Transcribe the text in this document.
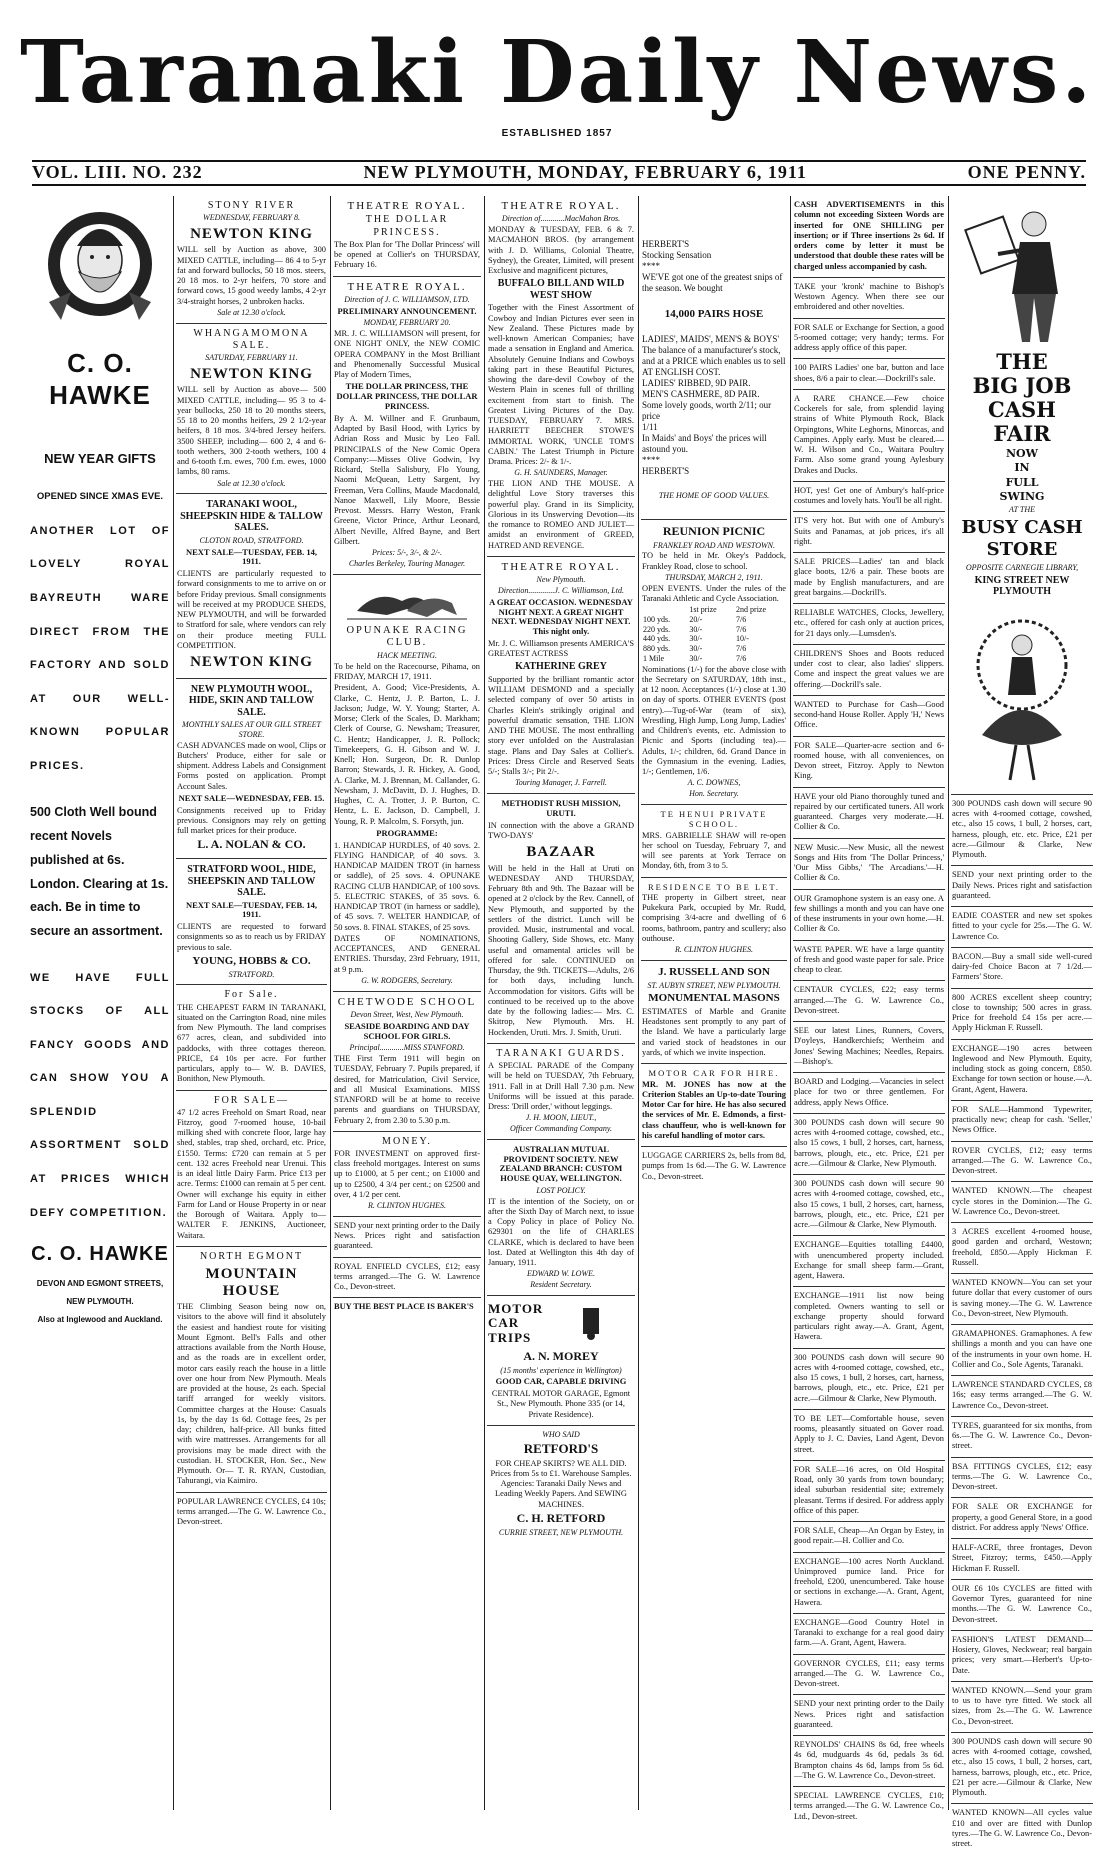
Taranaki Daily News.
ESTABLISHED 1857
VOL. LIII. NO. 232	NEW PLYMOUTH, MONDAY, FEBRUARY 6, 1911	ONE PENNY.
C. O. HAWKE
NEW YEAR GIFTS
OPENED SINCE XMAS EVE.
ANOTHER LOT OF LOVELY ROYAL BAYREUTH WARE DIRECT FROM THE FACTORY AND SOLD AT OUR WELL-KNOWN POPULAR PRICES.
500 Cloth Well bound recent Novels published at 6s. London. Clearing at 1s. each. Be in time to secure an assortment.
WE HAVE FULL STOCKS OF ALL FANCY GOODS AND CAN SHOW YOU A SPLENDID ASSORTMENT SOLD AT PRICES WHICH DEFY COMPETITION.
C. O. HAWKE
DEVON AND EGMONT STREETS,
NEW PLYMOUTH.
Also at Inglewood and Auckland.
STONY RIVER
WEDNESDAY, FEBRUARY 8.
NEWTON KING
WILL sell by Auction as above, 300 MIXED CATTLE, including— 86 4 to 5-yr fat and forward bullocks, 50 18 mos. steers, 20 18 mos. to 2-yr heifers, 70 store and forward cows, 15 good weedy lambs, 4 2-yr 3/4-straight horses, 2 unbroken hacks.
Sale at 12.30 o'clock.
WHANGAMOMONA SALE.
SATURDAY, FEBRUARY 11.
NEWTON KING
WILL sell by Auction as above— 500 MIXED CATTLE, including— 95 3 to 4-year bullocks, 250 18 to 20 months steers, 55 18 to 20 months heifers, 29 2 1/2-year heifers, 8 18 mos. 3/4-bred Jersey heifers. 3500 SHEEP, including— 600 2, 4 and 6-tooth wethers, 300 2-tooth wethers, 100 4 and 6-tooth f.m. ewes, 700 f.m. ewes, 1000 lambs, 80 rams.
Sale at 12.30 o'clock.
TARANAKI WOOL, SHEEPSKIN HIDE & TALLOW SALES.
CLOTON ROAD, STRATFORD.
NEXT SALE—TUESDAY, FEB. 14, 1911.
CLIENTS are particularly requested to forward consignments to me to arrive on or before Friday previous. Small consignments will be received at my PRODUCE SHEDS, NEW PLYMOUTH, and will be forwarded to Stratford for sale, where vendors can rely on their produce meeting FULL COMPETITION.
NEWTON KING
NEW PLYMOUTH WOOL, HIDE, SKIN AND TALLOW SALE.
MONTHLY SALES AT OUR GILL STREET STORE.
CASH ADVANCES made on wool, Clips or Butchers' Produce, either for sale or shipment. Address Labels and Consignment Forms posted on application. Prompt Account Sales.
NEXT SALE—WEDNESDAY, FEB. 15.
Consignments received up to Friday previous. Consignors may rely on getting full market prices for their produce.
L. A. NOLAN & CO.
STRATFORD WOOL, HIDE, SHEEPSKIN AND TALLOW SALE.
NEXT SALE—TUESDAY, FEB. 14, 1911.
CLIENTS are requested to forward consignments so as to reach us by FRIDAY previous to sale.
YOUNG, HOBBS & CO.
STRATFORD.
For Sale.
THE CHEAPEST FARM IN TARANAKI, situated on the Carrington Road, nine miles from New Plymouth. The land comprises 677 acres, clean, and subdivided into paddocks, with three cottages thereon. PRICE, £4 10s per acre. For further particulars, apply to— W. B. DAVIES, Bonithon, New Plymouth.
FOR SALE—
47 1/2 acres Freehold on Smart Road, near Fitzroy, good 7-roomed house, 10-bail milking shed with concrete floor, large hay shed, stables, trap shed, orchard, etc. Price, £1550. Terms: £720 can remain at 5 per cent. 132 acres Freehold near Urenui. This is an ideal little Dairy Farm. Price £13 per acre. Terms: £1000 can remain at 5 per cent. Owner will exchange his equity in either Farm for Land or House Property in or near the Borough of Waitara. Apply to— WALTER F. JENKINS, Auctioneer, Waitara.
NORTH EGMONT
MOUNTAIN HOUSE
THE Climbing Season being now on, visitors to the above will find it absolutely the easiest and handiest route for visiting Mount Egmont. Bell's Falls and other attractions available from the North House, and as the roads are in excellent order, motor cars easily reach the house in a little over one hour from New Plymouth. Meals are provided at the house, 2s each. Special tariff arranged for weekly visitors. Committee charges at the House: Casuals 1s, by the day 1s 6d. Cottage fees, 2s per day; children, half-price. All bunks fitted with wire mattresses. Arrangements for all provisions may be made direct with the custodian. H. STOCKER, Hon. Sec., New Plymouth. Or— T. R. RYAN, Custodian, Tahurangi, via Kaimiro.
POPULAR LAWRENCE CYCLES, £4 10s; terms arranged.—The G. W. Lawrence Co., Devon-street.
THEATRE ROYAL.
THE DOLLAR PRINCESS.
The Box Plan for 'The Dollar Princess' will be opened at Collier's on THURSDAY, February 16.
THEATRE ROYAL.
Direction of J. C. WILLIAMSON, LTD.
PRELIMINARY ANNOUNCEMENT.
MONDAY, FEBRUARY 20.
MR. J. C. WILLIAMSON will present, for ONE NIGHT ONLY, the NEW COMIC OPERA COMPANY in the Most Brilliant and Phenomenally Successful Musical Play of Modern Times,
THE DOLLAR PRINCESS, THE DOLLAR PRINCESS, THE DOLLAR PRINCESS.
By A. M. Willner and F. Grunbaum, Adapted by Basil Hood, with Lyrics by Adrian Ross and Music by Leo Fall. PRINCIPALS of the New Comic Opera Company:—Misses Olive Godwin, Ivy Rickard, Stella Salisbury, Flo Young, Naomi McQuean, Letty Sargent, Ivy Freeman, Vera Collins, Maude Macdonald, Nanoe Maxwell, Lily Moore, Bessie Prevost. Messrs. Harry Weston, Frank Greene, Victor Prince, Arthur Leonard, Albert Neville, Alfred Bayne, and Bert Gilbert.
Prices: 5/-, 3/-, & 2/-.
Charles Berkeley, Touring Manager.
OPUNAKE RACING CLUB.
HACK MEETING.
To be held on the Racecourse, Pihama, on FRIDAY, MARCH 17, 1911.
President, A. Good; Vice-Presidents, A. Clarke, C. Hentz, J. P. Barton, L. J. Jackson; Judge, W. Y. Young; Starter, A. Morse; Clerk of the Scales, D. Markham; Clerk of Course, G. Newsham; Treasurer, C. Hentz; Handicapper, J. R. Pollock; Timekeepers, G. H. Gibson and W. J. Knell; Hon. Surgeon, Dr. R. Dunlop Barron; Stewards, J. R. Hickey, A. Good, A. Clarke, M. J. Brennan, M. Callander, G. Newsham, J. McDavitt, D. J. Hughes, D. Hughes, C. A. Trotter, J. P. Burton, C. Hentz, L. E. Jackson, D. Campbell, J. Young, R. P. Malcolm, S. Forsyth, jun.
PROGRAMME:
1. HANDICAP HURDLES, of 40 sovs. 2. FLYING HANDICAP, of 40 sovs. 3. HANDICAP MAIDEN TROT (in harness or saddle), of 25 sovs. 4. OPUNAKE RACING CLUB HANDICAP, of 100 sovs. 5. ELECTRIC STAKES, of 35 sovs. 6. HANDICAP TROT (in harness or saddle), of 45 sovs. 7. WELTER HANDICAP, of 50 sovs. 8. FINAL STAKES, of 25 sovs.
DATES OF NOMINATIONS, ACCEPTANCES, AND GENERAL ENTRIES. Thursday, 23rd February, 1911, at 9 p.m.
G. W. RODGERS, Secretary.
CHETWODE SCHOOL
Devon Street, West, New Plymouth.
SEASIDE BOARDING AND DAY SCHOOL FOR GIRLS.
Principal............MISS STANFORD.
THE First Term 1911 will begin on TUESDAY, February 7. Pupils prepared, if desired, for Matriculation, Civil Service, and all Musical Examinations. MISS STANFORD will be at home to receive parents and guardians on THURSDAY, February 2, from 2.30 to 5.30 p.m.
MONEY.
FOR INVESTMENT on approved first-class freehold mortgages. Interest on sums up to £1000, at 5 per cent.; on £1000 and up to £2500, 4 3/4 per cent.; on £2500 and over, 4 1/2 per cent.
R. CLINTON HUGHES.
SEND your next printing order to the Daily News. Prices right and satisfaction guaranteed.
ROYAL ENFIELD CYCLES, £12; easy terms arranged.—The G. W. Lawrence Co., Devon-street.
BUY THE BEST PLACE IS BAKER'S
THEATRE ROYAL.
Direction of............MacMahon Bros.
MONDAY & TUESDAY, FEB. 6 & 7. MACMAHON BROS. (by arrangement with J. D. Williams, Colonial Theatre, Sydney), the Greater, Limited, will present Exclusive and magnificent pictures,
BUFFALO BILL AND WILD WEST SHOW
Together with the Finest Assortment of Cowboy and Indian Pictures ever seen in New Zealand. These Pictures made by well-known American Companies; have made a sensation in England and America. Absolutely Genuine Indians and Cowboys taking part in these Beautiful Pictures, showing the dare-devil Cowboy of the Western Plain in scenes full of thrilling excitement from start to finish. The Greatest Living Pictures of the Day. TUESDAY, FEBRUARY 7. MRS. HARRIETT BEECHER STOWE'S IMMORTAL WORK, 'UNCLE TOM'S CABIN.' The Latest Triumph in Picture Drama. Prices: 2/- & 1/-.
G. H. SAUNDERS, Manager.
THE LION AND THE MOUSE. A delightful Love Story traverses this powerful play. Grand in its Simplicity, Glorious in its Unswerving Devotion—its the romance to ROMEO AND JULIET—amidst an environment of GREED, HATRED AND REVENGE.
THEATRE ROYAL.
New Plymouth.
Direction.............J. C. Williamson, Ltd.
A GREAT OCCASION. WEDNESDAY NIGHT NEXT. A GREAT NIGHT NEXT. WEDNESDAY NIGHT NEXT. This night only.
Mr. J. C. Williamson presents AMERICA'S GREATEST ACTRESS
KATHERINE GREY
Supported by the brilliant romantic actor WILLIAM DESMOND and a specially selected company of over 50 artists in Charles Klein's strikingly original and powerful dramatic sensation, THE LION AND THE MOUSE. The most enthralling story ever unfolded on the Australasian stage. Plans and Day Sales at Collier's. Prices: Dress Circle and Reserved Seats 5/-; Stalls 3/-; Pit 2/-.
Touring Manager, J. Farrell.
METHODIST RUSH MISSION, URUTI.
IN connection with the above a GRAND TWO-DAYS'
BAZAAR
Will be held in the Hall at Uruti on WEDNESDAY AND THURSDAY, February 8th and 9th. The Bazaar will be opened at 2 o'clock by the Rev. Cannell, of New Plymouth, and supported by the settlers of the district. Lunch will be provided. Music, instrumental and vocal. Shooting Gallery, Side Shows, etc. Many useful and ornamental articles will be offered for sale. CONTINUED on Thursday, the 9th. TICKETS—Adults, 2/6 for both days, including lunch. Accommodation for visitors. Gifts will be continued to be received up to the above date by the following ladies:— Mrs. C. Skitrop, New Plymouth. Mrs. H. Hockenden, Uruti. Mrs. J. Smith, Uruti.
TARANAKI GUARDS.
A SPECIAL PARADE of the Company will be held on TUESDAY, 7th February, 1911. Fall in at Drill Hall 7.30 p.m. New Uniforms will be issued at this parade. Dress: 'Drill order,' without leggings.
J. H. MOON, LIEUT.,
Officer Commanding Company.
AUSTRALIAN MUTUAL PROVIDENT SOCIETY. NEW ZEALAND BRANCH: CUSTOM HOUSE QUAY, WELLINGTON.
LOST POLICY.
IT is the intention of the Society, on or after the Sixth Day of March next, to issue a Copy Policy in place of Policy No. 629301 on the life of CHARLES CLARKE, which is declared to have been lost. Dated at Wellington this 4th day of January, 1911.
EDWARD W. LOWE.
Resident Secretary.
MOTOR CAR TRIPS
A. N. MOREY
(15 months' experience in Wellington)
GOOD CAR, CAPABLE DRIVING
CENTRAL MOTOR GARAGE, Egmont St., New Plymouth. Phone 335 (or 14, Private Residence).
WHO SAID
RETFORD'S
FOR CHEAP SKIRTS? WE ALL DID. Prices from 5s to £1. Warehouse Samples. Agencies: Taranaki Daily News and Leading Weekly Papers. And SEWING MACHINES.
C. H. RETFORD
CURRIE STREET, NEW PLYMOUTH.
HERBERT'S
Stocking Sensation
****
WE'VE got one of the greatest snips of the season. We bought
14,000 PAIRS HOSE
LADIES', MAIDS', MEN'S & BOYS'
The balance of a manufacturer's stock, and at a PRICE which enables us to sell AT ENGLISH COST.
LADIES' RIBBED, 9D PAIR.
MEN'S CASHMERE, 8D PAIR.
Some lovely goods, worth 2/11; our price
1/11
In Maids' and Boys' the prices will astound you.
****
HERBERT'S
THE HOME OF GOOD VALUES.
REUNION PICNIC
FRANKLEY ROAD AND WESTOWN.
TO be held in Mr. Okey's Paddock, Frankley Road, close to school.
THURSDAY, MARCH 2, 1911.
OPEN EVENTS. Under the rules of the Taranaki Athletic and Cycle Association.
	1st prize	2nd prize
100 yds.	20/-	7/6
220 yds.	30/-	7/6
440 yds.	30/-	10/-
880 yds.	30/-	7/6
1 Mile	30/-	7/6
Nominations (1/-) for the above close with the Secretary on SATURDAY, 18th inst., at 12 noon. Acceptances (1/-) close at 1.30 on day of sports. OTHER EVENTS (post entry).—Tug-of-War (team of six), Wrestling, High Jump, Long Jump, Ladies' and Children's events, etc. Admission to Picnic and Sports (including tea).—Adults, 1/-; children, 6d. Grand Dance in the Gymnasium in the evening. Ladies, 1/-; Gentlemen, 1/6.
A. C. DOWNES,
Hon. Secretary.
TE HENUI PRIVATE SCHOOL.
MRS. GABRIELLE SHAW will re-open her school on Tuesday, February 7, and will see parents at York Terrace on Monday, 6th, from 3 to 5.
RESIDENCE TO BE LET.
THE property in Gilbert street, near Pukekura Park, occupied by Mr. Rudd, comprising 3/4-acre and dwelling of 6 rooms, bathroom, pantry and scullery; also outhouse.
R. CLINTON HUGHES.
J. RUSSELL AND SON
ST. AUBYN STREET, NEW PLYMOUTH.
MONUMENTAL MASONS
ESTIMATES of Marble and Granite Headstones sent promptly to any part of the Island. We have a particularly large and varied stock of headstones in our yards, of which we invite inspection.
MOTOR CAR FOR HIRE.
MR. M. JONES has now at the Criterion Stables an Up-to-date Touring Motor Car for hire. He has also secured the services of Mr. E. Edmonds, a first-class chauffeur, who is well-known for his careful handling of motor cars.
LUGGAGE CARRIERS 2s, bells from 8d, pumps from 1s 6d.—The G. W. Lawrence Co., Devon-street.
CASH ADVERTISEMENTS in this column not exceeding Sixteen Words are inserted for ONE SHILLING per insertion; or if Three insertions 2s 6d. If orders come by letter it must be understood that double these rates will be charged unless accompanied by cash.
TAKE your 'kronk' machine to Bishop's Westown Agency. When there see our embroidered and other novelties.
FOR SALE or Exchange for Section, a good 5-roomed cottage; very handy; terms. For address apply office of this paper.
100 PAIRS Ladies' one bar, button and lace shoes, 8/6 a pair to clear.—Dockrill's sale.
A RARE CHANCE.—Few choice Cockerels for sale, from splendid laying strains of White Plymouth Rock, Black Orpingtons, White Leghorns, Minorcas, and Campines. Apply early. Must be cleared.—W. H. Wilson and Co., Waitara Poultry Farm. Also some grand young Aylesbury Drakes and Ducks.
HOT, yes! Get one of Ambury's half-price costumes and lovely hats. You'll be all right.
IT'S very hot. But with one of Ambury's Suits and Panamas, at job prices, it's all right.
SALE PRICES—Ladies' tan and black glace boots, 12/6 a pair. These boots are made by English manufacturers, and are great bargains.—Dockrill's.
RELIABLE WATCHES, Clocks, Jewellery, etc., offered for cash only at auction prices, for 21 days only.—Lumsden's.
CHILDREN'S Shoes and Boots reduced under cost to clear, also ladies' slippers. Come and inspect the great values we are offering.—Dockrill's sale.
WANTED to Purchase for Cash—Good second-hand House Roller. Apply 'H,' News Office.
FOR SALE—Quarter-acre section and 6-roomed house, with all conveniences, on Devon street, Fitzroy. Apply to Newton King.
HAVE your old Piano thoroughly tuned and repaired by our certificated tuners. All work guaranteed. Charges very moderate.—H. Collier & Co.
NEW Music.—New Music, all the newest Songs and Hits from 'The Dollar Princess,' 'Our Miss Gibbs,' 'The Arcadians.'—H. Collier & Co.
OUR Gramophone system is an easy one. A few shillings a month and you can have one of these instruments in your own home.—H. Collier & Co.
WASTE PAPER. WE have a large quantity of fresh and good waste paper for sale. Price cheap to clear.
CENTAUR CYCLES, £22; easy terms arranged.—The G. W. Lawrence Co., Devon-street.
SEE our latest Lines, Runners, Covers, D'oyleys, Handkerchiefs; Wertheim and Jones' Sewing Machines; Needles, Repairs.—Bishop's.
BOARD and Lodging.—Vacancies in select place for two or three gentlemen. For address, apply News Office.
300 POUNDS cash down will secure 90 acres with 4-roomed cottage, cowshed, etc., also 15 cows, 1 bull, 2 horses, cart, harness, barrows, plough, etc., etc. Price, £21 per acre.—Gilmour & Clarke, New Plymouth.
300 POUNDS cash down will secure 90 acres with 4-roomed cottage, cowshed, etc., also 15 cows, 1 bull, 2 horses, cart, harness, barrows, plough, etc., etc. Price, £21 per acre.—Gilmour & Clarke, New Plymouth.
EXCHANGE—Equities totalling £4400, with unencumbered property included. Exchange for small sheep farm.—Grant, agent, Hawera.
EXCHANGE—1911 list now being completed. Owners wanting to sell or exchange property should forward particulars right away.—A. Grant, Agent, Hawera.
300 POUNDS cash down will secure 90 acres with 4-roomed cottage, cowshed, etc., also 15 cows, 1 bull, 2 horses, cart, harness, barrows, plough, etc., etc. Price, £21 per acre.—Gilmour & Clarke, New Plymouth.
TO BE LET—Comfortable house, seven rooms, pleasantly situated on Gover road. Apply to J. C. Davies, Land Agent, Devon street.
FOR SALE—16 acres, on Old Hospital Road, only 30 yards from town boundary; ideal suburban residential site; extremely pleasant. Terms if desired. For address apply office of this paper.
FOR SALE, Cheap—An Organ by Estey, in good repair.—H. Collier and Co.
EXCHANGE—100 acres North Auckland. Unimproved pumice land. Price for freehold, £200, unencumbered. Take house or sections in exchange.—A. Grant, Agent, Hawera.
EXCHANGE—Good Country Hotel in Taranaki to exchange for a real good dairy farm.—A. Grant, Agent, Hawera.
GOVERNOR CYCLES, £11; easy terms arranged.—The G. W. Lawrence Co., Devon-street.
SEND your next printing order to the Daily News. Prices right and satisfaction guaranteed.
REYNOLDS' CHAINS 8s 6d, free wheels 4s 6d, mudguards 4s 6d, pedals 3s 6d. Brampton chains 4s 6d, lamps from 5s 6d.—The G. W. Lawrence Co., Devon-street.
SPECIAL LAWRENCE CYCLES, £10; terms arranged.—The G. W. Lawrence Co., Ltd., Devon-street.
THE
BIG JOB
CASH
FAIR
NOW
IN
FULL
SWING
AT THE
BUSY CASH STORE
OPPOSITE CARNEGIE LIBRARY,
KING STREET NEW PLYMOUTH
300 POUNDS cash down will secure 90 acres with 4-roomed cottage, cowshed, etc., also 15 cows, 1 bull, 2 horses, cart, harness, plough, etc. etc. Price, £21 per acre.—Gilmour & Clarke, New Plymouth.
SEND your next printing order to the Daily News. Prices right and satisfaction guaranteed.
EADIE COASTER and new set spokes fitted to your cycle for 25s.—The G. W. Lawrence Co.
BACON.—Buy a small side well-cured dairy-fed Choice Bacon at 7 1/2d.—Farmers' Store.
800 ACRES excellent sheep country; close to township; 500 acres in grass. Price for freehold £4 15s per acre.—Apply Hickman F. Russell.
EXCHANGE—190 acres between Inglewood and New Plymouth. Equity, including stock as going concern, £850. Exchange for town section or house.—A. Grant, Agent, Hawera.
FOR SALE—Hammond Typewriter, practically new; cheap for cash. 'Seller,' News Office.
ROVER CYCLES, £12; easy terms arranged.—The G. W. Lawrence Co., Devon-street.
WANTED KNOWN.—The cheapest cycle stores in the Dominion.—The G. W. Lawrence Co., Devon-street.
3 ACRES excellent 4-roomed house, good garden and orchard, Westown; freehold, £850.—Apply Hickman F. Russell.
WANTED KNOWN—You can set your future dollar that every customer of ours is saving money.—The G. W. Lawrence Co., Devon-street, New Plymouth.
GRAMAPHONES. Gramaphones. A few shillings a month and you can have one of the instruments in your own home. H. Collier and Co., Sole Agents, Taranaki.
LAWRENCE STANDARD CYCLES, £8 16s; easy terms arranged.—The G. W. Lawrence Co., Devon-street.
TYRES, guaranteed for six months, from 6s.—The G. W. Lawrence Co., Devon-street.
BSA FITTINGS CYCLES, £12; easy terms.—The G. W. Lawrence Co., Devon-street.
FOR SALE OR EXCHANGE for property, a good General Store, in a good district. For address apply 'News' Office.
HALF-ACRE, three frontages, Devon Street, Fitzroy; terms, £450.—Apply Hickman F. Russell.
OUR £6 10s CYCLES are fitted with Governor Tyres, guaranteed for nine months.—The G. W. Lawrence Co., Devon-street.
FASHION'S LATEST DEMAND—Hosiery, Gloves, Neckwear; real bargain prices; very smart.—Herbert's Up-to-Date.
WANTED KNOWN.—Send your gram to us to have tyre fitted. We stock all sizes, from 2s.—The G. W. Lawrence Co., Devon-street.
300 POUNDS cash down will secure 90 acres with 4-roomed cottage, cowshed, etc., also 15 cows, 1 bull, 2 horses, cart, harness, barrows, plough, etc., etc. Price, £21 per acre.—Gilmour & Clarke, New Plymouth.
WANTED KNOWN—All cycles value £10 and over are fitted with Dunlop tyres.—The G. W. Lawrence Co., Devon-street.
